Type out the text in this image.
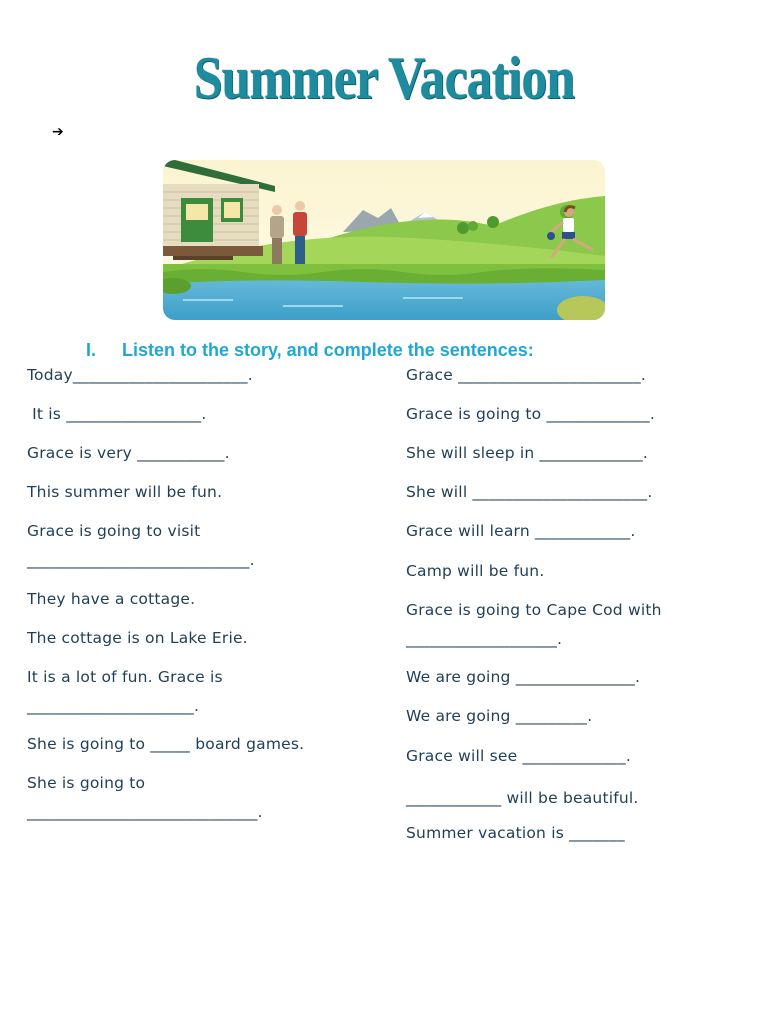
Summer Vacation
➔
I. Listen to the story, and complete the sentences:
Today______________________.
It is _________________.
Grace is very ___________.
This summer will be fun.
Grace is going to visit
____________________________.
They have a cottage.
The cottage is on Lake Erie.
It is a lot of fun. Grace is
_____________________.
She is going to _____ board games.
She is going to
_____________________________.
Grace _______________________.
Grace is going to _____________.
She will sleep in _____________.
She will ______________________.
Grace will learn ____________.
Camp will be fun.
Grace is going to Cape Cod with
___________________.
We are going _______________.
We are going _________.
Grace will see _____________.
____________ will be beautiful.
Summer vacation is _______
